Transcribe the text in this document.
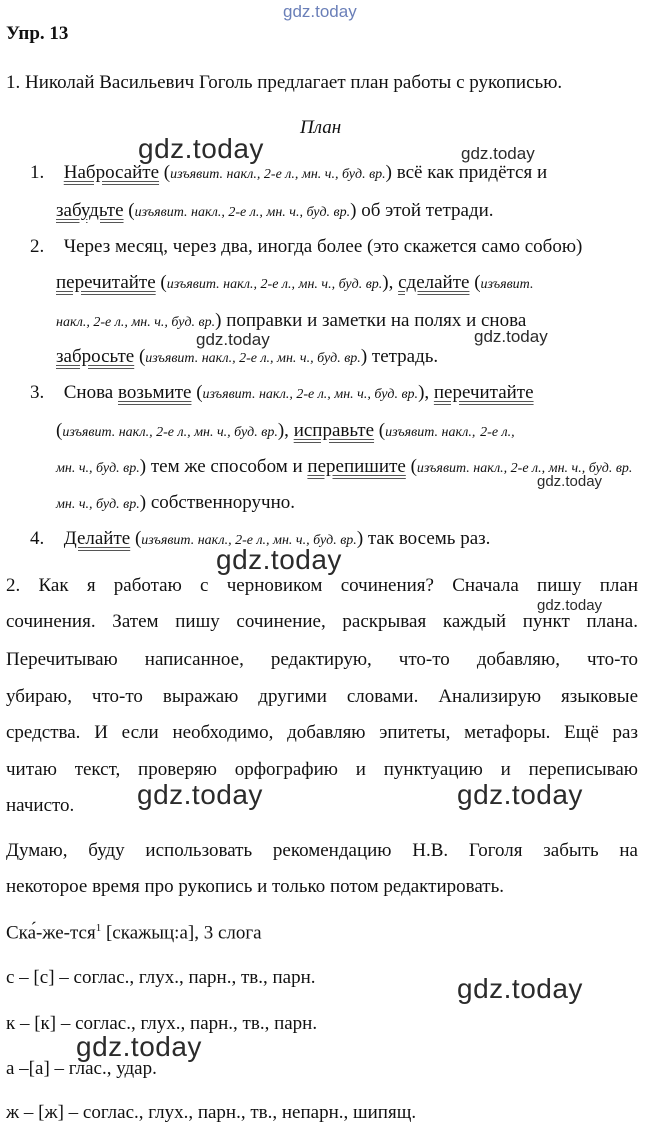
gdz.today
Упр. 13
1. Николай Васильевич Гоголь предлагает план работы с рукописью.
План
1. Набросайте (изъявит. накл., 2-е л., мн. ч., буд. вр.) всё как придётся и
забудьте (изъявит. накл., 2-е л., мн. ч., буд. вр.) об этой тетради.
2. Через месяц, через два, иногда более (это скажется само собою)
перечитайте (изъявит. накл., 2-е л., мн. ч., буд. вр.), сделайте (изъявит.
накл., 2-е л., мн. ч., буд. вр.) поправки и заметки на полях и снова
забросьте (изъявит. накл., 2-е л., мн. ч., буд. вр.) тетрадь.
3. Снова возьмите (изъявит. накл., 2-е л., мн. ч., буд. вр.), перечитайте
(изъявит. накл., 2-е л., мн. ч., буд. вр.), исправьте (изъявит. накл., 2-е л.,
мн. ч., буд. вр.) тем же способом и перепишите (изъявит. накл., 2-е л., мн. ч., буд. вр.
мн. ч., буд. вр.) собственноручно.
4. Делайте (изъявит. накл., 2-е л., мн. ч., буд. вр.) так восемь раз.
2. Как я работаю с черновиком сочинения? Сначала пишу план
сочинения. Затем пишу сочинение, раскрывая каждый пункт плана.
Перечитываю написанное, редактирую, что-то добавляю, что-то
убираю, что-то выражаю другими словами. Анализирую языковые
средства. И если необходимо, добавляю эпитеты, метафоры. Ещё раз
читаю текст, проверяю орфографию и пунктуацию и переписываю
начисто.
Думаю, буду использовать рекомендацию Н.В. Гоголя забыть на
некоторое время про рукопись и только потом редактировать.
Ска́-же-тся$^1$ [скажыц:а], 3 слога
с – [с] – соглас., глух., парн., тв., парн.
к – [к] – соглас., глух., парн., тв., парн.
а –[а] – глас., удар.
ж – [ж] – соглас., глух., парн., тв., непарн., шипящ.
gdz.today	gdz.today
gdz.today	gdz.today
gdz.today
gdz.today
gdz.today
gdz.today	gdz.today
gdz.today
gdz.today
